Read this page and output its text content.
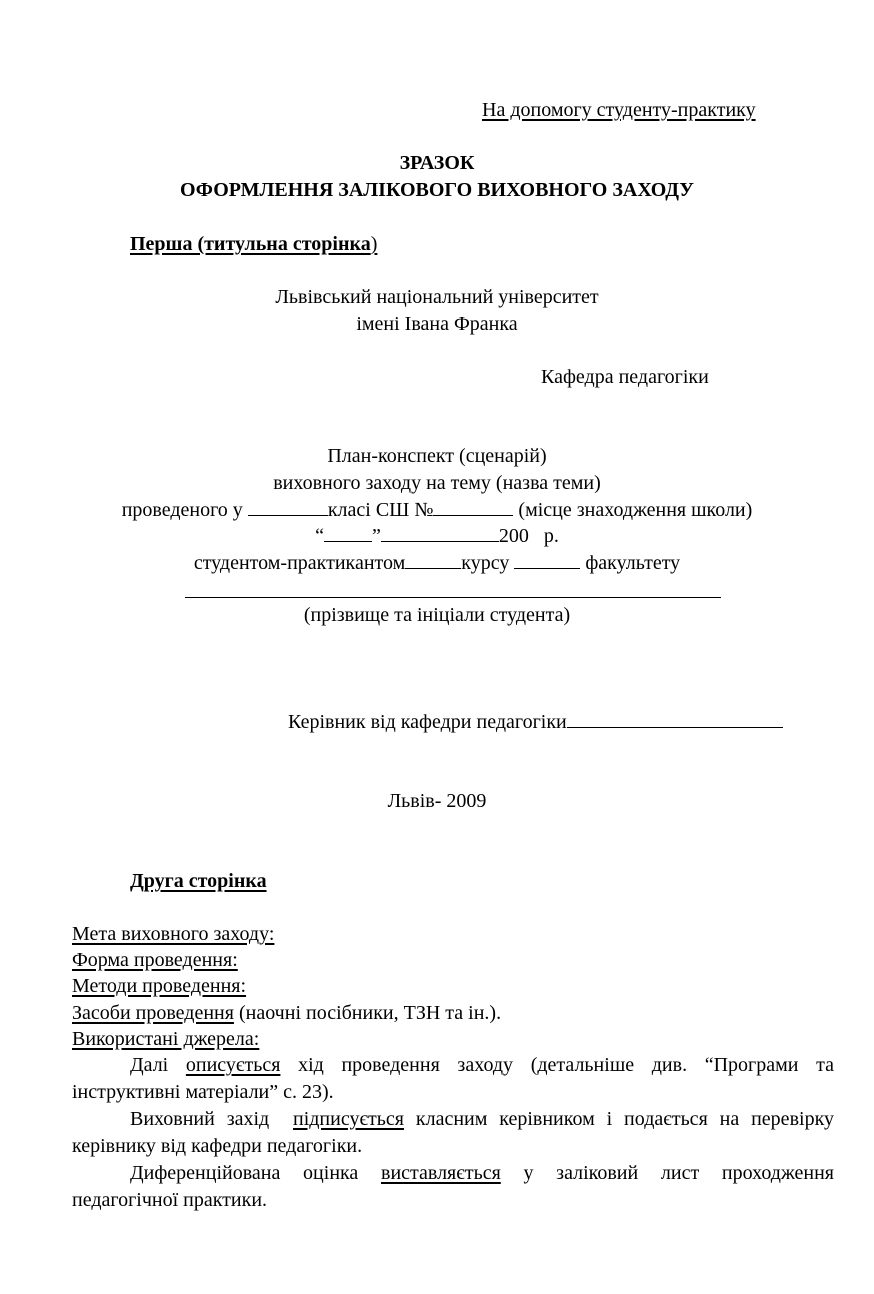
На допомогу студенту-практику
ЗРАЗОК
ОФОРМЛЕННЯ ЗАЛІКОВОГО ВИХОВНОГО ЗАХОДУ
Перша (титульна сторінка)
Львівський національний університет
імені Івана Франка
Кафедра педагогіки
План-конспект (сценарій)
виховного заходу на тему (назва теми)
проведеного у	класі СШ №	(місце знаходження школи)
“ ”	200 р.
студентом-практикантом	курсу	факультету
(прізвище та ініціали студента)
Керівник від кафедри педагогіки
Львів- 2009
Друга сторінка
Мета виховного заходу:
Форма проведення:
Методи проведення:
Засоби проведення (наочні посібники, ТЗН та ін.).
Використані джерела:

Далі описується хід проведення заходу (детальніше див. “Програми та інструктивні матеріали” с. 23).

Виховний захід  підписується класним керівником і подається на перевірку керівнику від кафедри педагогіки.

Диференційована оцінка виставляється у заліковий лист проходження педагогічної практики.
